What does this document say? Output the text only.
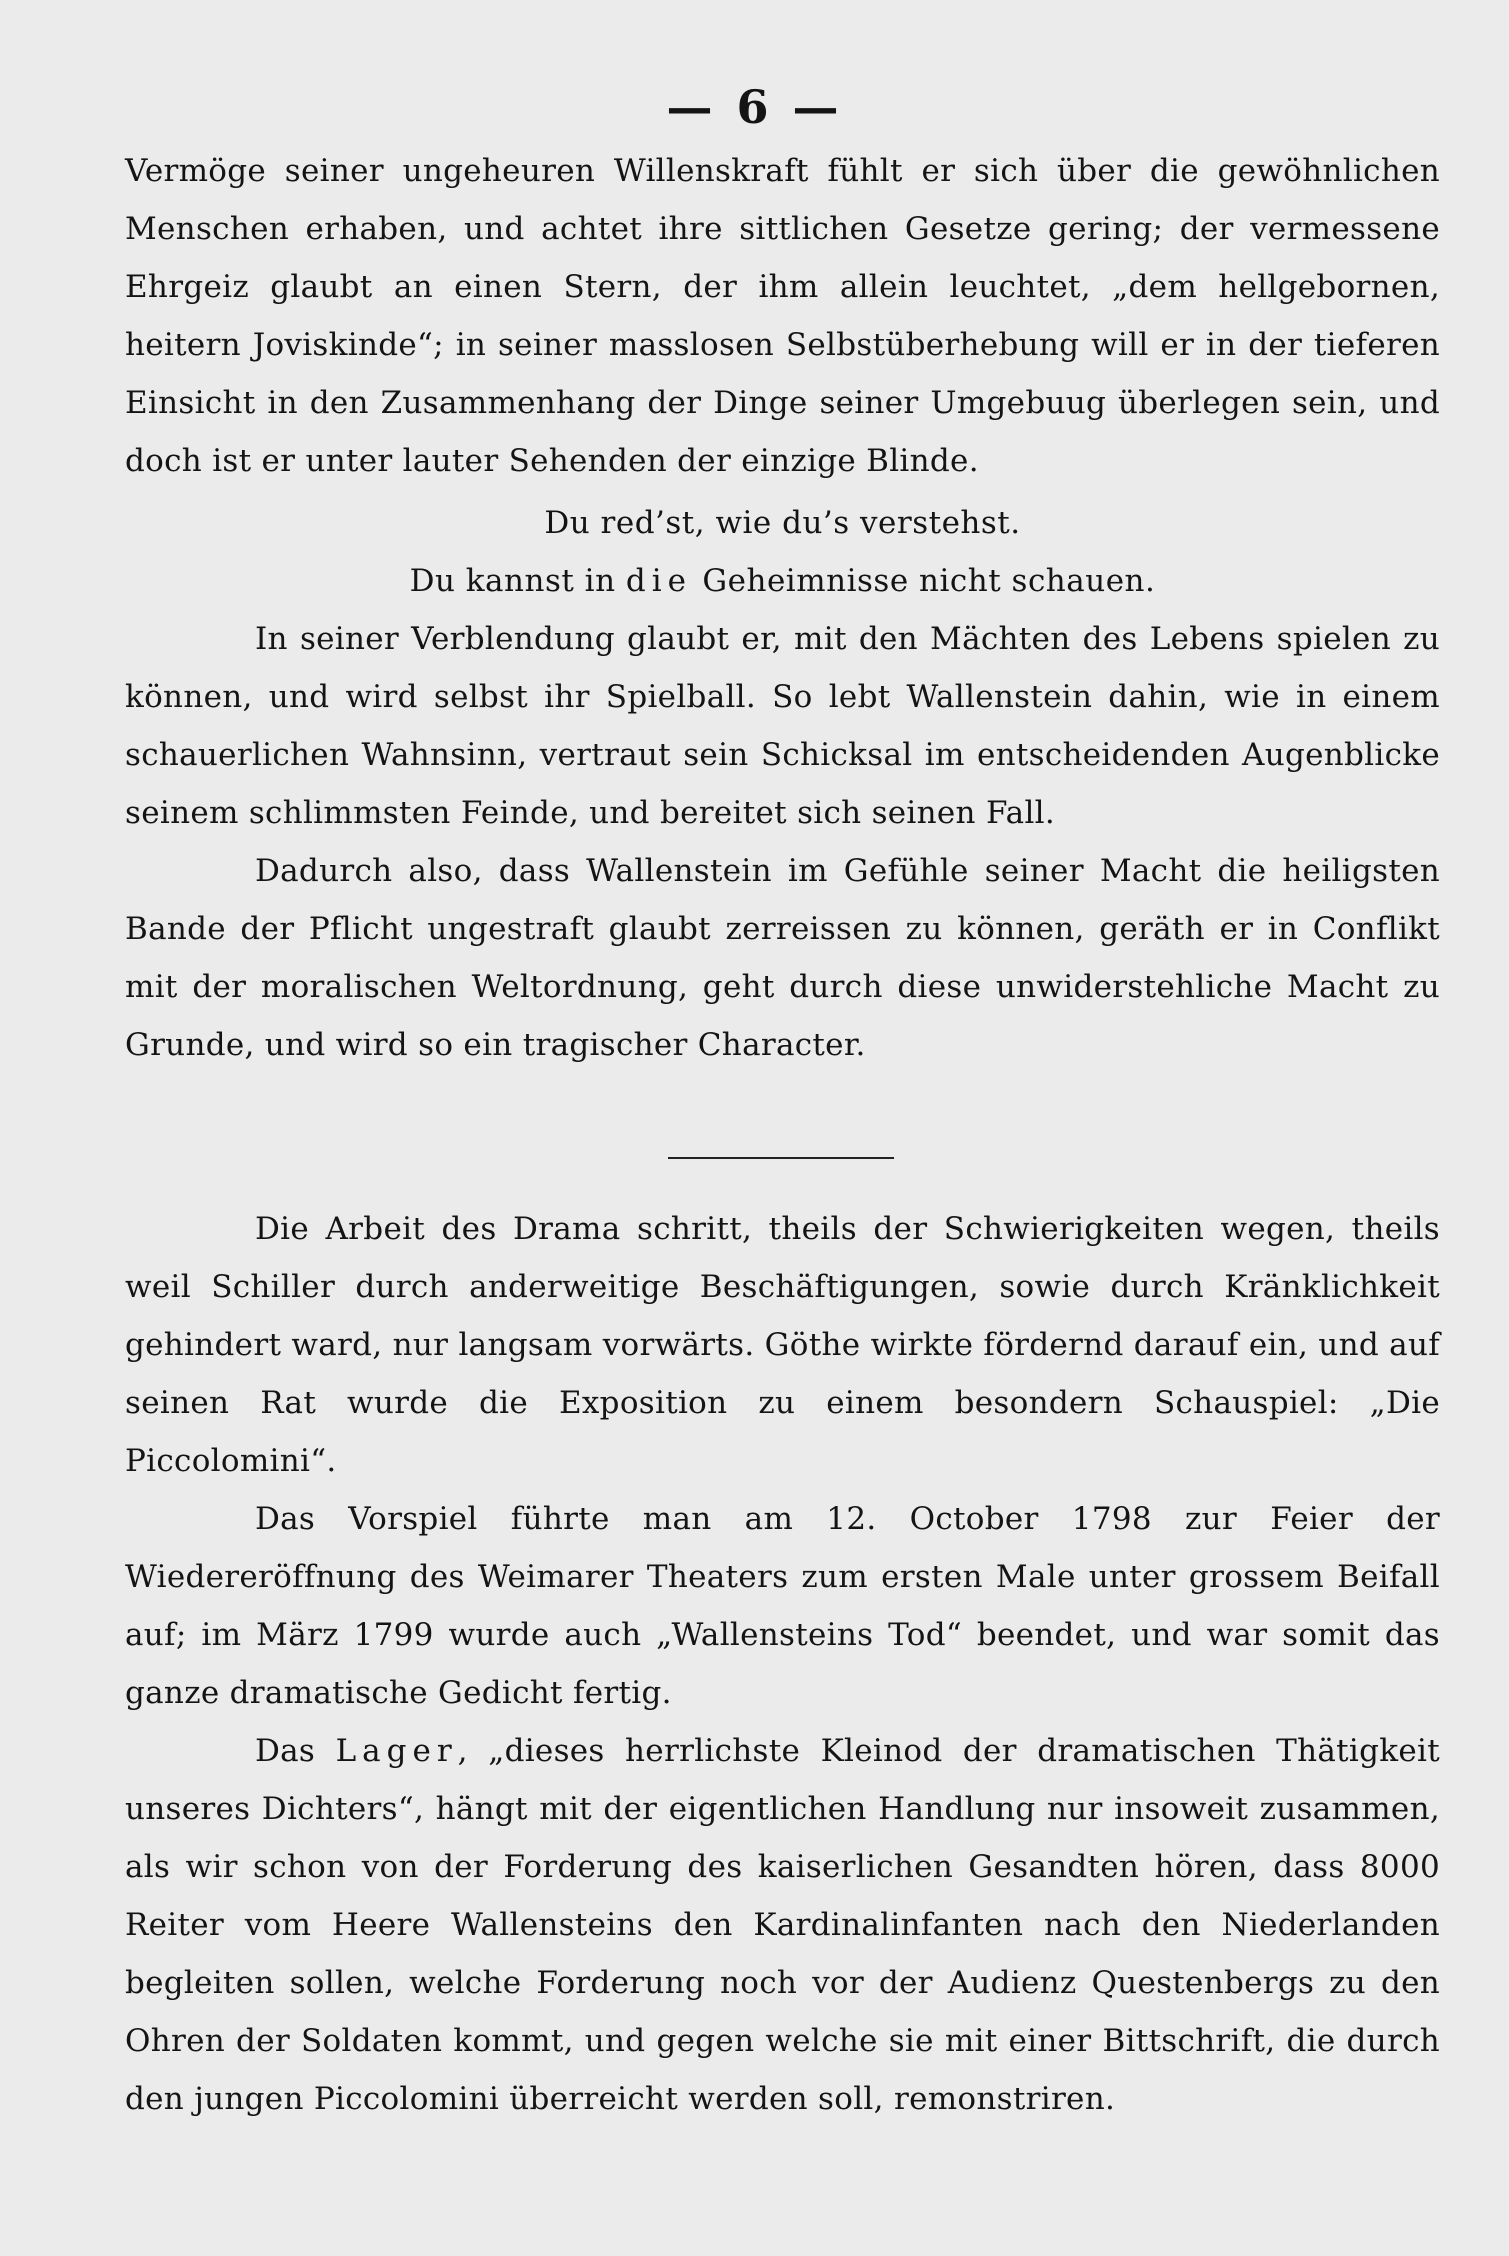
— 6 —

Vermöge seiner ungeheuren Willenskraft fühlt er sich über die gewöhnlichen Menschen erhaben, und achtet ihre sittlichen Gesetze gering; der vermessene Ehrgeiz glaubt an einen Stern, der ihm allein leuchtet, „dem hellgebornen, heitern Joviskinde“; in seiner masslosen Selbstüberhebung will er in der tieferen Einsicht in den Zusammenhang der Dinge seiner Umgebuug überlegen sein, und doch ist er unter lauter Sehenden der einzige Blinde.

Du red’st, wie du’s verstehst.

Du kannst in die Geheimnisse nicht schauen.

In seiner Verblendung glaubt er, mit den Mächten des Lebens spielen zu können, und wird selbst ihr Spielball. So lebt Wallenstein dahin, wie in einem schauerlichen Wahnsinn, vertraut sein Schicksal im entscheidenden Augenblicke seinem schlimmsten Feinde, und bereitet sich seinen Fall.

Dadurch also, dass Wallenstein im Gefühle seiner Macht die heiligsten Bande der Pflicht ungestraft glaubt zerreissen zu können, geräth er in Conflikt mit der moralischen Weltordnung, geht durch diese unwiderstehliche Macht zu Grunde, und wird so ein tragischer Character.

Die Arbeit des Drama schritt, theils der Schwierigkeiten wegen, theils weil Schiller durch anderweitige Beschäftigungen, sowie durch Kränklichkeit gehindert ward, nur langsam vorwärts. Göthe wirkte fördernd darauf ein, und auf seinen Rat wurde die Exposition zu einem besondern Schauspiel: „Die Piccolomini“.

Das Vorspiel führte man am 12. October 1798 zur Feier der Wiedereröffnung des Weimarer Theaters zum ersten Male unter grossem Beifall auf; im März 1799 wurde auch „Wallensteins Tod“ beendet, und war somit das ganze dramatische Gedicht fertig.

Das Lager, „dieses herrlichste Kleinod der dramatischen Thätigkeit unseres Dichters“, hängt mit der eigentlichen Handlung nur insoweit zusammen, als wir schon von der Forderung des kaiserlichen Gesandten hören, dass 8000 Reiter vom Heere Wallensteins den Kardinalinfanten nach den Niederlanden begleiten sollen, welche Forderung noch vor der Audienz Questenbergs zu den Ohren der Soldaten kommt, und gegen welche sie mit einer Bittschrift, die durch den jungen Piccolomini überreicht werden soll, remonstriren.
